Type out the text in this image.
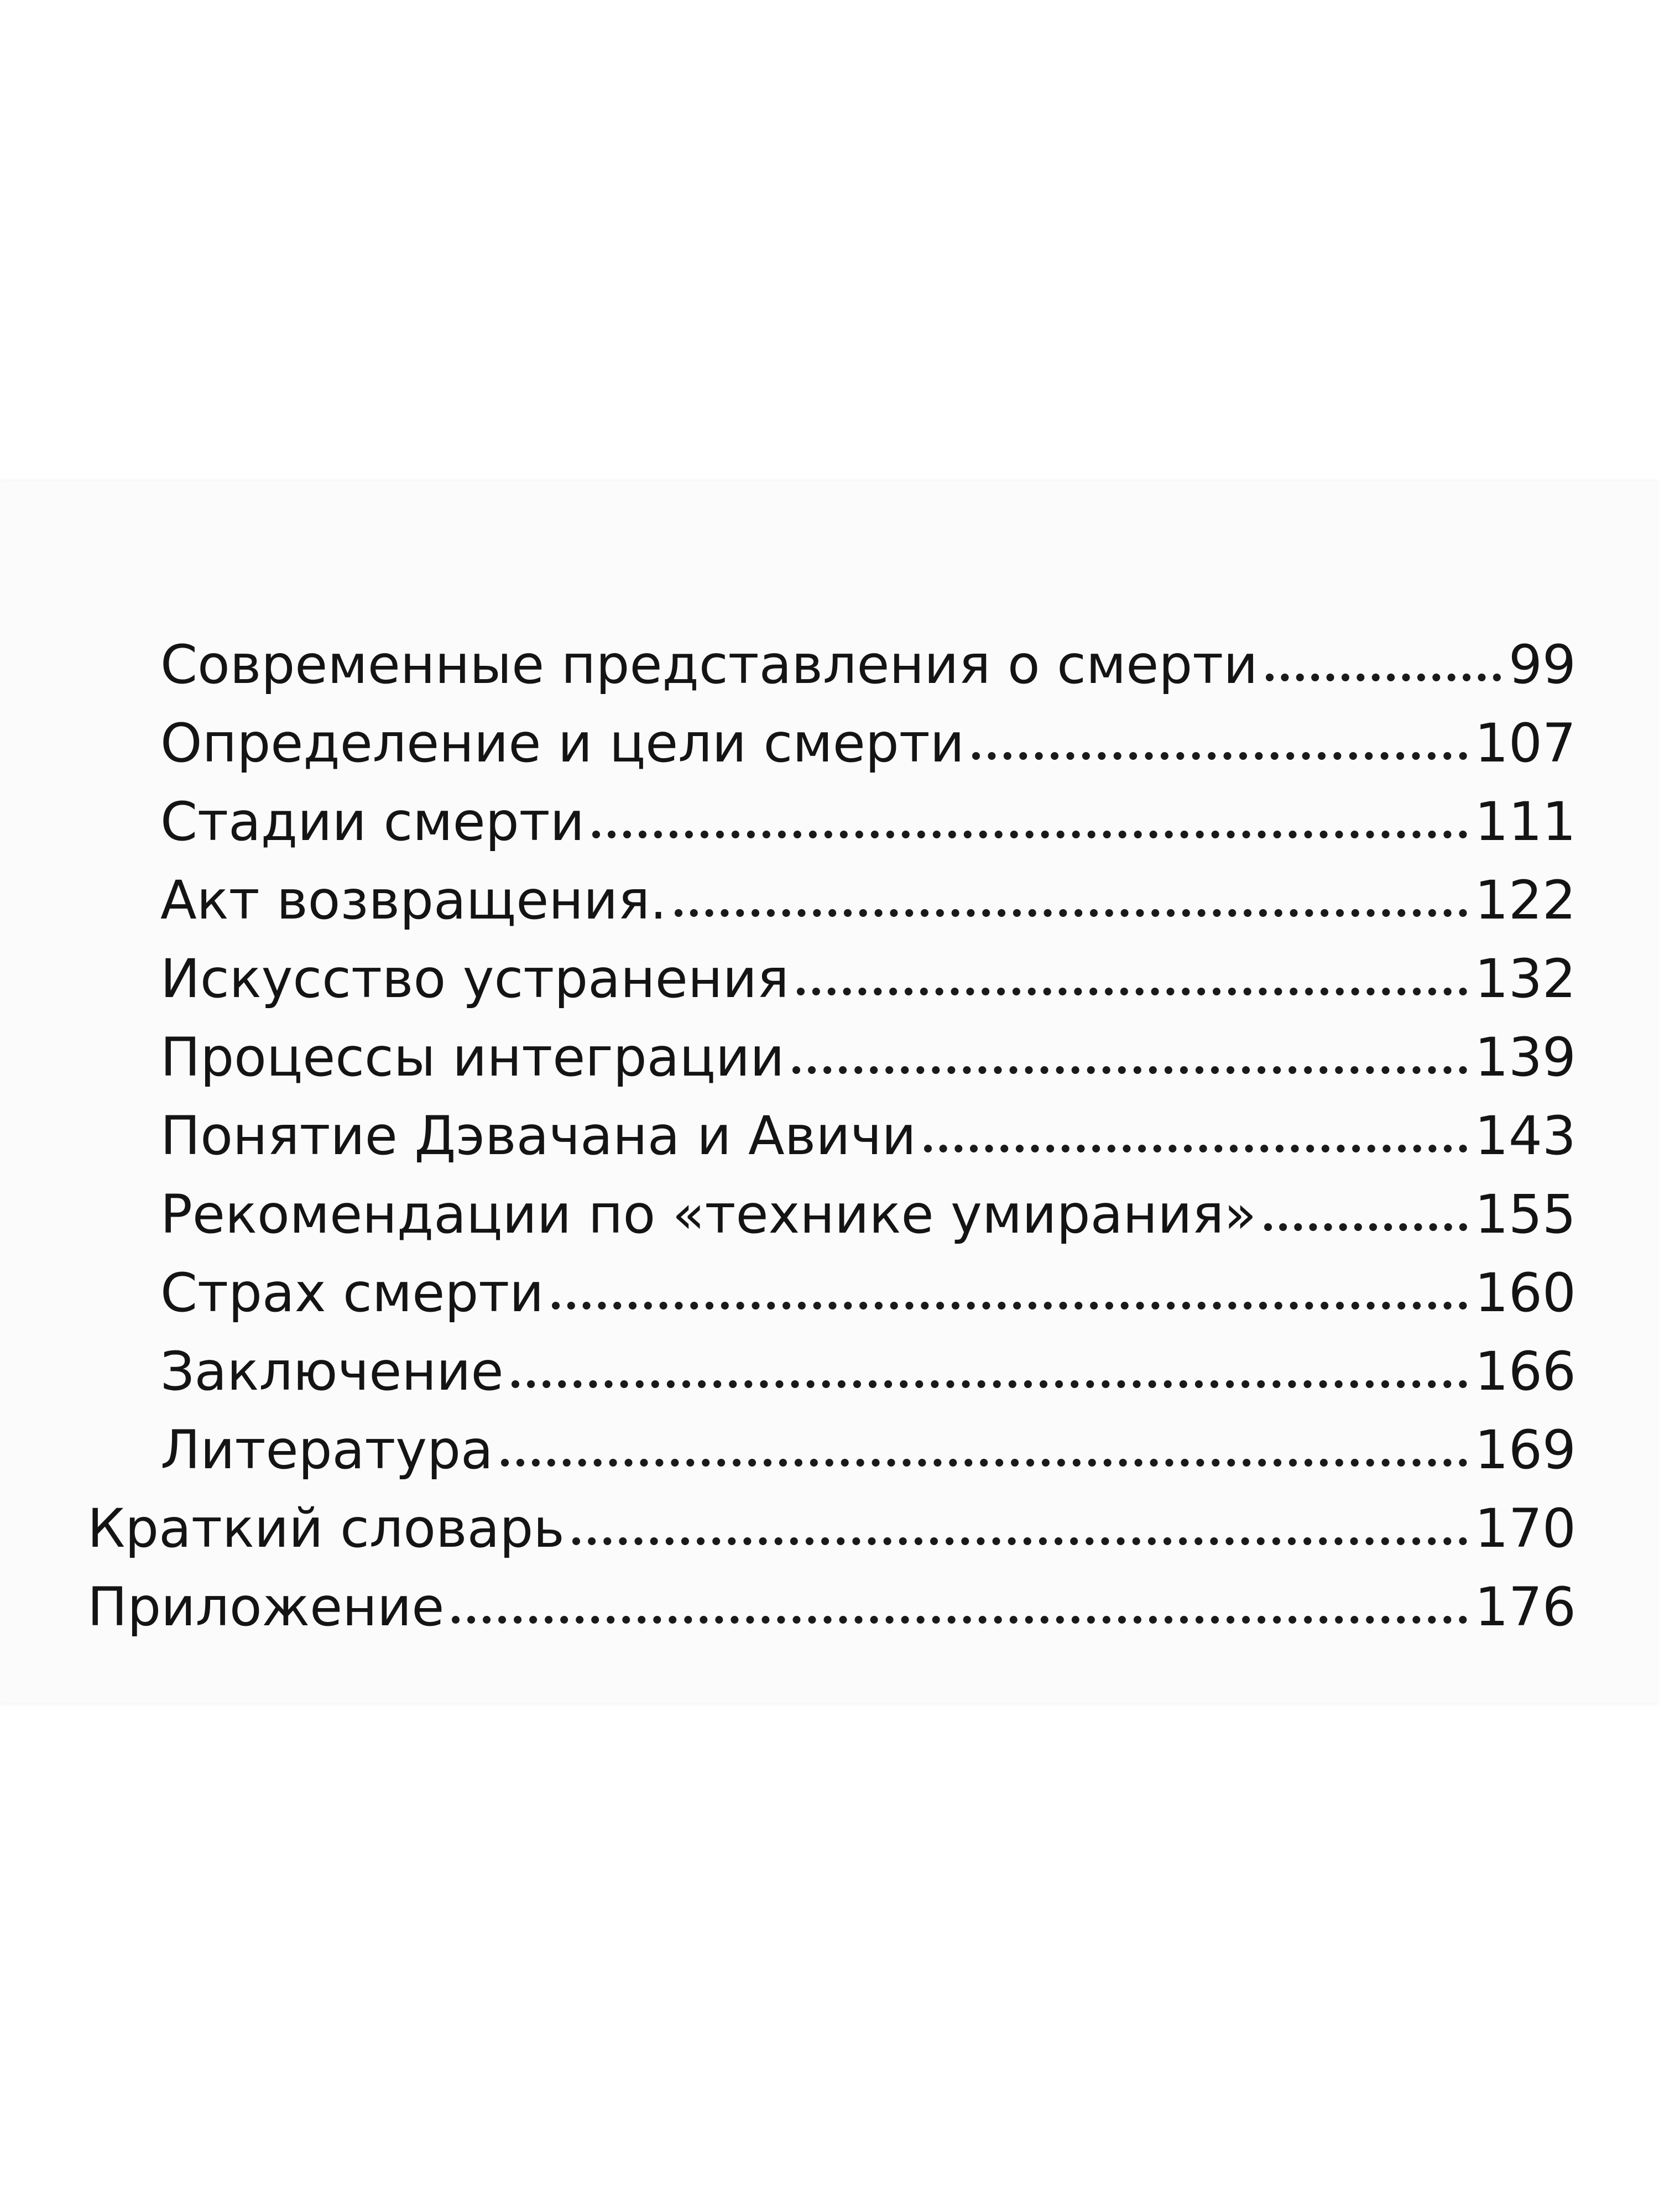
Современные представления о смерти	99
Определение и цели смерти	107
Стадии смерти	111
Акт возвращения.	122
Искусство устранения	132
Процессы интеграции	139
Понятие Дэвачана и Авичи	143
Рекомендации по «технике умирания»	155
Страх смерти	160
Заключение	166
Литература	169
Краткий словарь	170
Приложение	176
